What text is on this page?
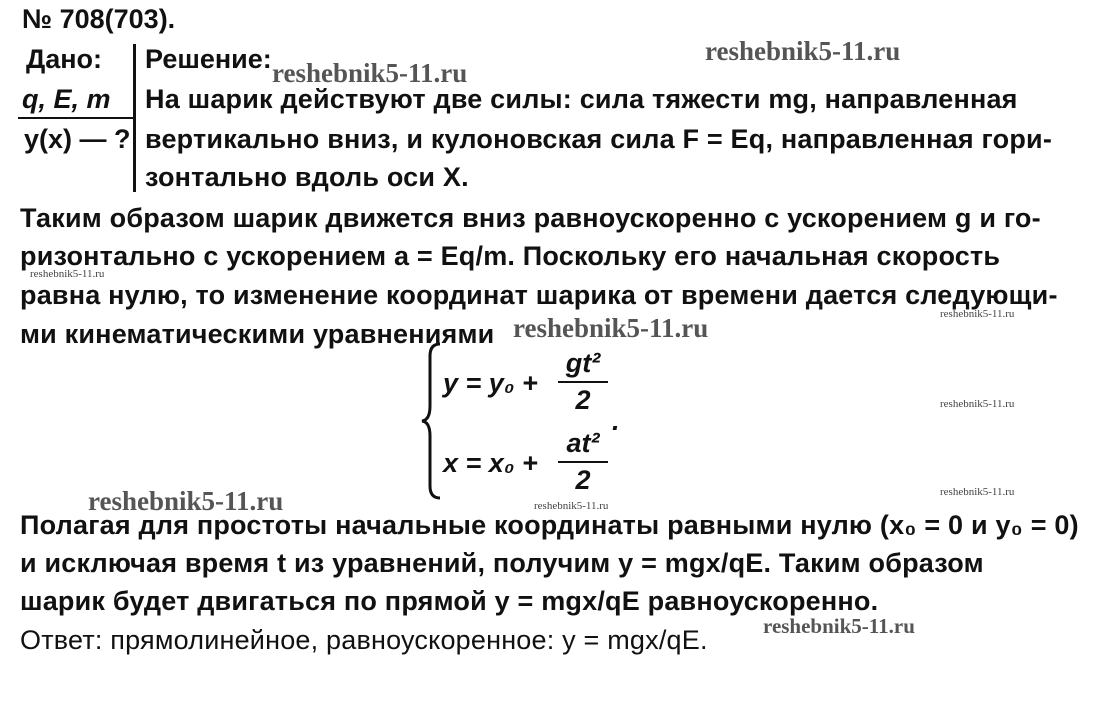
№ 708(703).
Дано:
q, E, m
y(x) — ?
Решение:
На шарик действуют две силы: сила тяжести mg, направленная
вертикально вниз, и кулоновская сила F = Eq, направленная гори-
зонтально вдоль оси X.
Таким образом шарик движется вниз равноускоренно с ускорением g и го-
ризонтально с ускорением a = Eq/m. Поскольку его начальная скорость
равна нулю, то изменение координат шарика от времени дается следующи-
ми кинематическими уравнениями
y = y₀ +
gt²
2
.
x = x₀ +
at²
2
Полагая для простоты начальные координаты равными нулю (x₀ = 0 и y₀ = 0)
и исключая время t из уравнений, получим y = mgx/qE. Таким образом
шарик будет двигаться по прямой y = mgx/qE равноускоренно.
Ответ: прямолинейное, равноускоренное: y = mgx/qE.
reshebnik5-11.ru
reshebnik5-11.ru
reshebnik5-11.ru
reshebnik5-11.ru	reshebnik5-11.ru
reshebnik5-11.ru
reshebnik5-11.ru	reshebnik5-11.ru
reshebnik5-11.ru
reshebnik5-11.ru
